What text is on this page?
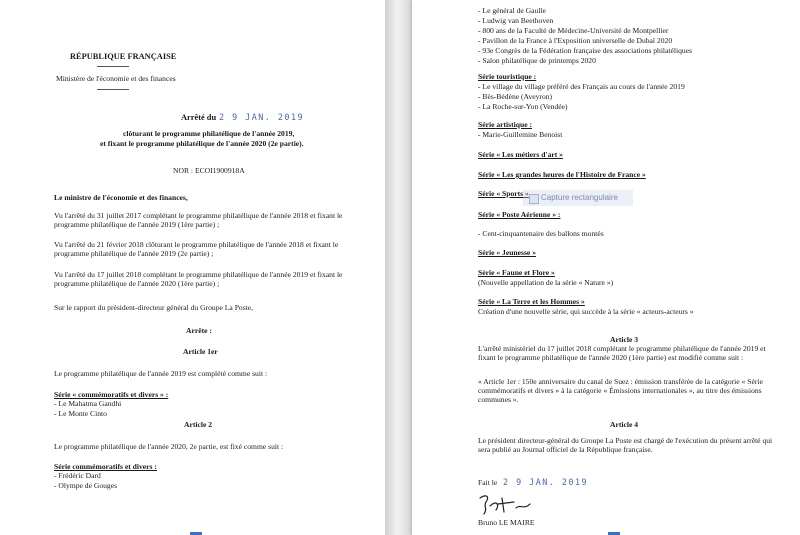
RÉPUBLIQUE FRANÇAISE
Ministère de l'économie et des finances
Arrêté du 2 9 JAN. 2019
clôturant le programme philatélique de l'année 2019,
et fixant le programme philatélique de l'année 2020 (2e partie).
NOR : ECOI1900918A
Le ministre de l'économie et des finances,
Vu l'arrêté du 31 juillet 2017 complétant le programme philatélique de l'année 2018 et fixant le programme philatélique de l'année 2019 (1ère partie) ;
Vu l'arrêté du 21 février 2018 clôturant le programme philatélique de l'année 2018 et fixant le programme philatélique de l'année 2019 (2e partie) ;
Vu l'arrêté du 17 juillet 2018 complétant le programme philatélique de l'année 2019 et fixant le programme philatélique de l'année 2020 (1ère partie) ;
Sur le rapport du président-directeur général du Groupe La Poste,
Arrête :
Article 1er
Le programme philatélique de l'année 2019 est complété comme suit :
Série « commémoratifs et divers » :
- Le Mahatma Gandhi
- Le Monte Cinto
Article 2
Le programme philatélique de l'année 2020, 2e partie, est fixé comme suit :
Série commémoratifs et divers :
- Frédéric Dard
- Olympe de Gouges
- Le général de Gaulle
- Ludwig van Beethoven
- 800 ans de la Faculté de Médecine-Université de Montpellier
- Pavillon de la France à l'Exposition universelle de Dubaï 2020
- 93e Congrès de la Fédération française des associations philatéliques
- Salon philatélique de printemps 2020
Série touristique :
- Le village du village préféré des Français au cours de l'année 2019
- Bès-Bédène (Aveyron)
- La Roche-sur-Yon (Vendée)
Série artistique :
- Marie-Guillemine Benoist
Série « Les métiers d'art »
Série « Les grandes heures de l'Histoire de France »
Série « Sports »
Série « Poste Aérienne » :
- Cent-cinquantenaire des ballons montés
Série « Jeunesse »
Série « Faune et Flore »
(Nouvelle appellation de la série « Nature »)
Série « La Terre et les Hommes »
Création d'une nouvelle série, qui succède à la série « acteurs-acteurs »
Article 3
L'arrêté ministériel du 17 juillet 2018 complétant le programme philatélique de l'année 2019 et fixant le programme philatélique de l'année 2020 (1ère partie) est modifié comme suit :
« Article 1er : 150e anniversaire du canal de Suez : émission transférée de la catégorie « Série commémoratifs et divers » à la catégorie « Émissions internationales », au titre des émissions communes ».
Article 4
Le président directeur-général du Groupe La Poste est chargé de l'exécution du présent arrêté qui sera publié au Journal officiel de la République française.
Fait le 2 9 JAN. 2019
Bruno LE MAIRE
Capture rectangulaire
